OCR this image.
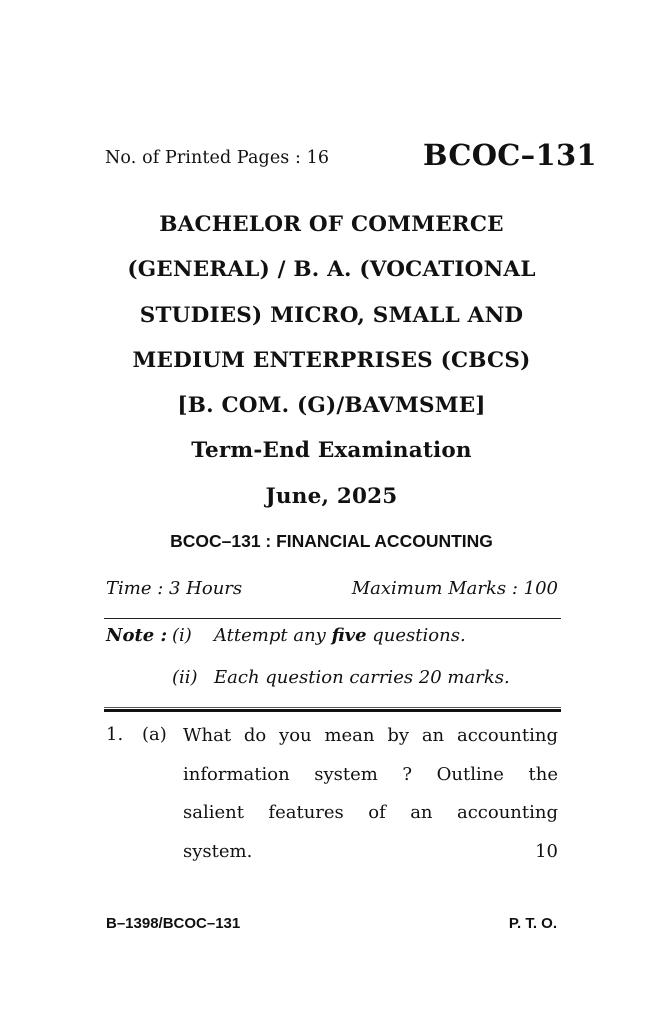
No. of Printed Pages : 16	BCOC–131
BACHELOR OF COMMERCE
(GENERAL) / B. A. (VOCATIONAL
STUDIES) MICRO, SMALL AND
MEDIUM ENTERPRISES (CBCS)
[B. COM. (G)/BAVMSME]
Term-End Examination
June, 2025
BCOC–131 : FINANCIAL ACCOUNTING
Time : 3 Hours	Maximum Marks : 100
Note : (i) Attempt any five questions.
(ii) Each question carries 20 marks.
1. (a) What do you mean by an accounting
information system ? Outline the
salient features of an accounting
system.	10
B–1398/BCOC–131	P. T. O.
